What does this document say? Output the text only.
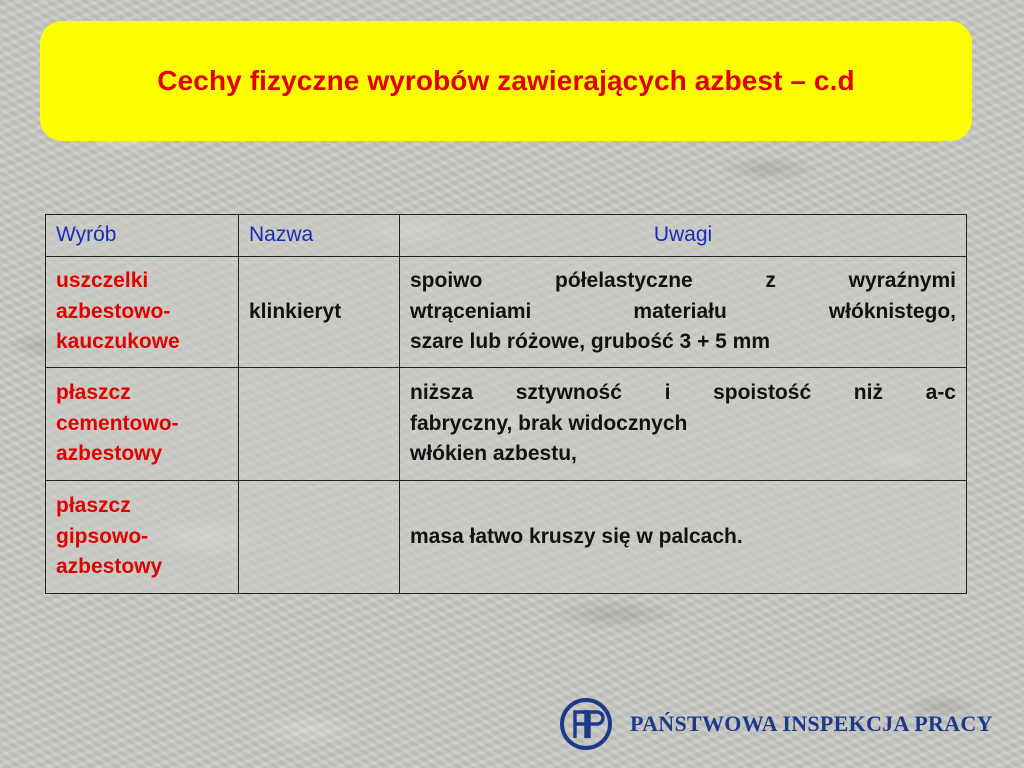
Cechy fizyczne wyrobów zawierających azbest – c.d
Wyrób	Nazwa	Uwagi

uszczelki
azbestowo-
kauczukowe	klinkieryt	spoiwo półelastyczne z wyraźnymi
wtrąceniami materiału włóknistego,
szare lub różowe, grubość 3 + 5 mm

płaszcz
cementowo-
azbestowy		niższa sztywność i spoistość niż a-c
fabryczny, brak widocznych
włókien azbestu,

płaszcz
gipsowo-
azbestowy		masa łatwo kruszy się w palcach.
PAŃSTWOWA INSPEKCJA PRACY
